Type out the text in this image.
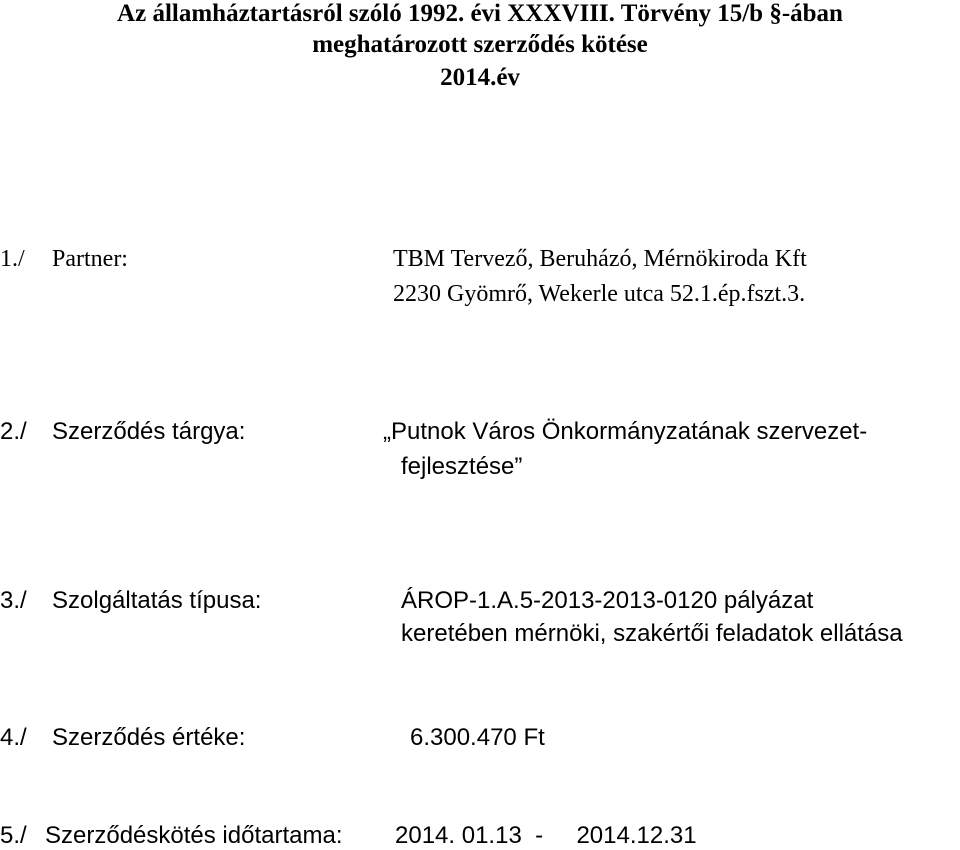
Az államháztartásról szóló 1992. évi XXXVIII. Törvény 15/b §-ában
meghatározott szerződés kötése
2014.év
1./ Partner:	TBM Tervező, Beruházó, Mérnökiroda Kft
2230 Gyömrő, Wekerle utca 52.1.ép.fszt.3.
2./ Szerződés tárgya:	„Putnok Város Önkormányzatának szervezet-
fejlesztése”
3./ Szolgáltatás típusa:	ÁROP-1.A.5-2013-2013-0120 pályázat
keretében mérnöki, szakértői feladatok ellátása
4./ Szerződés értéke:	6.300.470 Ft
5./ Szerződéskötés időtartama: 2014. 01.13  -     2014.12.31
